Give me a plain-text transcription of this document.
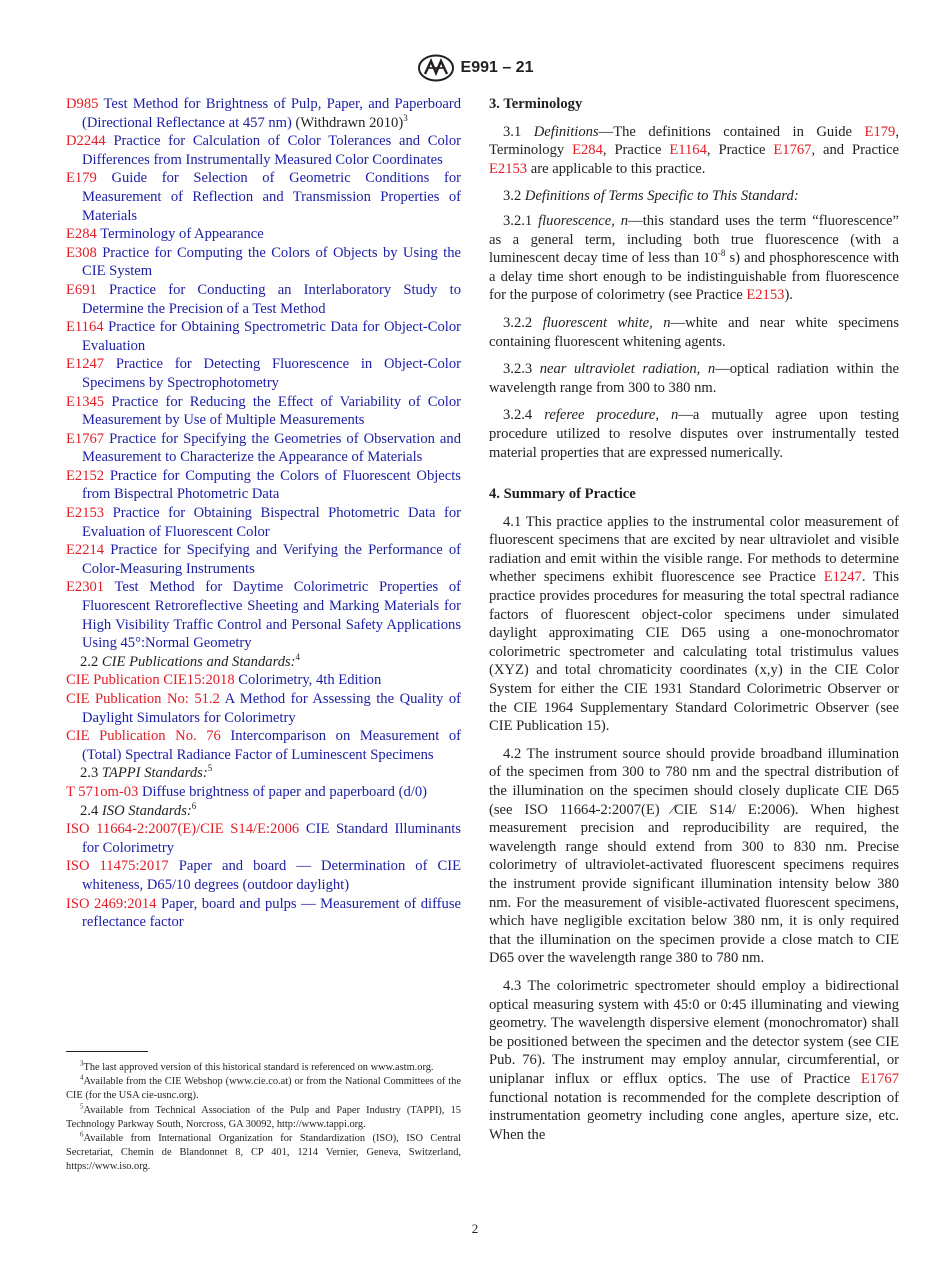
E991 – 21
D985 Test Method for Brightness of Pulp, Paper, and Paperboard (Directional Reflectance at 457 nm) (Withdrawn 2010)$^3$
D2244 Practice for Calculation of Color Tolerances and Color Differences from Instrumentally Measured Color Coordinates
E179 Guide for Selection of Geometric Conditions for Measurement of Reflection and Transmission Properties of Materials
E284 Terminology of Appearance
E308 Practice for Computing the Colors of Objects by Using the CIE System
E691 Practice for Conducting an Interlaboratory Study to Determine the Precision of a Test Method
E1164 Practice for Obtaining Spectrometric Data for Object-Color Evaluation
E1247 Practice for Detecting Fluorescence in Object-Color Specimens by Spectrophotometry
E1345 Practice for Reducing the Effect of Variability of Color Measurement by Use of Multiple Measurements
E1767 Practice for Specifying the Geometries of Observation and Measurement to Characterize the Appearance of Materials
E2152 Practice for Computing the Colors of Fluorescent Objects from Bispectral Photometric Data
E2153 Practice for Obtaining Bispectral Photometric Data for Evaluation of Fluorescent Color
E2214 Practice for Specifying and Verifying the Performance of Color-Measuring Instruments
E2301 Test Method for Daytime Colorimetric Properties of Fluorescent Retroreflective Sheeting and Marking Materials for High Visibility Traffic Control and Personal Safety Applications Using 45°:Normal Geometry
2.2 CIE Publications and Standards:$^4$
CIE Publication CIE15:2018 Colorimetry, 4th Edition
CIE Publication No: 51.2 A Method for Assessing the Quality of Daylight Simulators for Colorimetry
CIE Publication No. 76 Intercomparison on Measurement of (Total) Spectral Radiance Factor of Luminescent Specimens
2.3 TAPPI Standards:$^5$
T 571om-03 Diffuse brightness of paper and paperboard (d/0)
2.4 ISO Standards:$^6$
ISO 11664-2:2007(E)/CIE S14/E:2006 CIE Standard Illuminants for Colorimetry
ISO 11475:2017 Paper and board — Determination of CIE whiteness, D65/10 degrees (outdoor daylight)
ISO 2469:2014 Paper, board and pulps — Measurement of diffuse reflectance factor
$^3$The last approved version of this historical standard is referenced on www.astm.org.
$^4$Available from the CIE Webshop (www.cie.co.at) or from the National Committees of the CIE (for the USA cie-usnc.org).
$^5$Available from Technical Association of the Pulp and Paper Industry (TAPPI), 15 Technology Parkway South, Norcross, GA 30092, http://www.tappi.org.
$^6$Available from International Organization for Standardization (ISO), ISO Central Secretariat, Chemin de Blandonnet 8, CP 401, 1214 Vernier, Geneva, Switzerland, https://www.iso.org.
3. Terminology
3.1 Definitions—The definitions contained in Guide E179, Terminology E284, Practice E1164, Practice E1767, and Practice E2153 are applicable to this practice.
3.2 Definitions of Terms Specific to This Standard:
3.2.1 fluorescence, n—this standard uses the term “fluorescence” as a general term, including both true fluorescence (with a luminescent decay time of less than $10^{-8}$ s) and phosphorescence with a delay time short enough to be indistinguishable from fluorescence for the purpose of colorimetry (see Practice E2153).
3.2.2 fluorescent white, n—white and near white specimens containing fluorescent whitening agents.
3.2.3 near ultraviolet radiation, n—optical radiation within the wavelength range from 300 to 380 nm.
3.2.4 referee procedure, n—a mutually agree upon testing procedure utilized to resolve disputes over instrumentally tested material properties that are expressed numerically.
4. Summary of Practice
4.1 This practice applies to the instrumental color measurement of fluorescent specimens that are excited by near ultraviolet and visible radiation and emit within the visible range. For methods to determine whether specimens exhibit fluorescence see Practice E1247. This practice provides procedures for measuring the total spectral radiance factors of fluorescent object-color specimens under simulated daylight approximating CIE D65 using a one-monochromator colorimetric spectrometer and calculating total tristimulus values (XYZ) and total chromaticity coordinates (x,y) in the CIE Color System for either the CIE 1931 Standard Colorimetric Observer or the CIE 1964 Supplementary Standard Colorimetric Observer (see CIE Publication 15).
4.2 The instrument source should provide broadband illumination of the specimen from 300 to 780 nm and the spectral distribution of the illumination on the specimen should closely duplicate CIE D65 (see ISO 11664-2:2007(E) ⁄CIE S14/ E:2006). When highest measurement precision and reproducibility are required, the wavelength range should extend from 300 to 830 nm. Precise colorimetry of ultraviolet-activated fluorescent specimens requires the instrument provide significant illumination intensity below 380 nm. For the measurement of visible-activated fluorescent specimens, which have negligible excitation below 380 nm, it is only required that the illumination on the specimen provide a close match to CIE D65 over the wavelength range 380 to 780 nm.
4.3 The colorimetric spectrometer should employ a bidirectional optical measuring system with 45:0 or 0:45 illuminating and viewing geometry. The wavelength dispersive element (monochromator) shall be positioned between the specimen and the detector system (see CIE Pub. 76). The instrument may employ annular, circumferential, or uniplanar influx or efflux optics. The use of Practice E1767 functional notation is recommended for the complete description of instrumentation geometry including cone angles, aperture size, etc. When the
2
